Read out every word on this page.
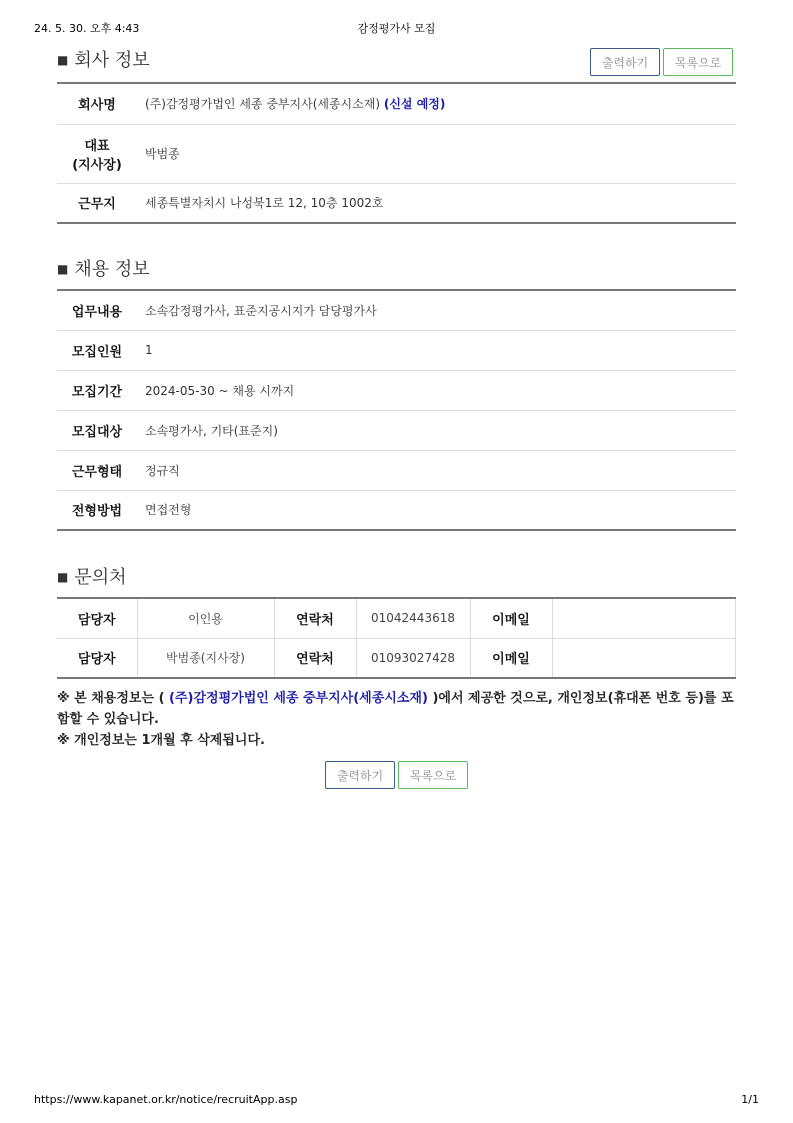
24. 5. 30. 오후 4:43	감정평가사 모집
■ 회사 정보	출력하기	목록으로
회사명	(주)감정평가법인 세종 중부지사(세종시소재) (신설 예정)
대표
(지사장)	박범종
근무지	세종특별자치시 나성북1로 12, 10층 1002호
■ 채용 정보
업무내용	소속감정평가사, 표준지공시지가 담당평가사
모집인원	1
모집기간	2024-05-30 ~ 채용 시까지
모집대상	소속평가사, 기타(표준지)
근무형태	정규직
전형방법	면접전형
■ 문의처
담당자	이인용	연락처	01042443618	이메일	
담당자	박범종(지사장)	연락처	01093027428	이메일	
※ 본 채용정보는 ( (주)감정평가법인 세종 중부지사(세종시소재) )에서 제공한 것으로, 개인정보(휴대폰 번호 등)를 포함할 수 있습니다.
※ 개인정보는 1개월 후 삭제됩니다.
출력하기	목록으로
https://www.kapanet.or.kr/notice/recruitApp.asp	1/1
